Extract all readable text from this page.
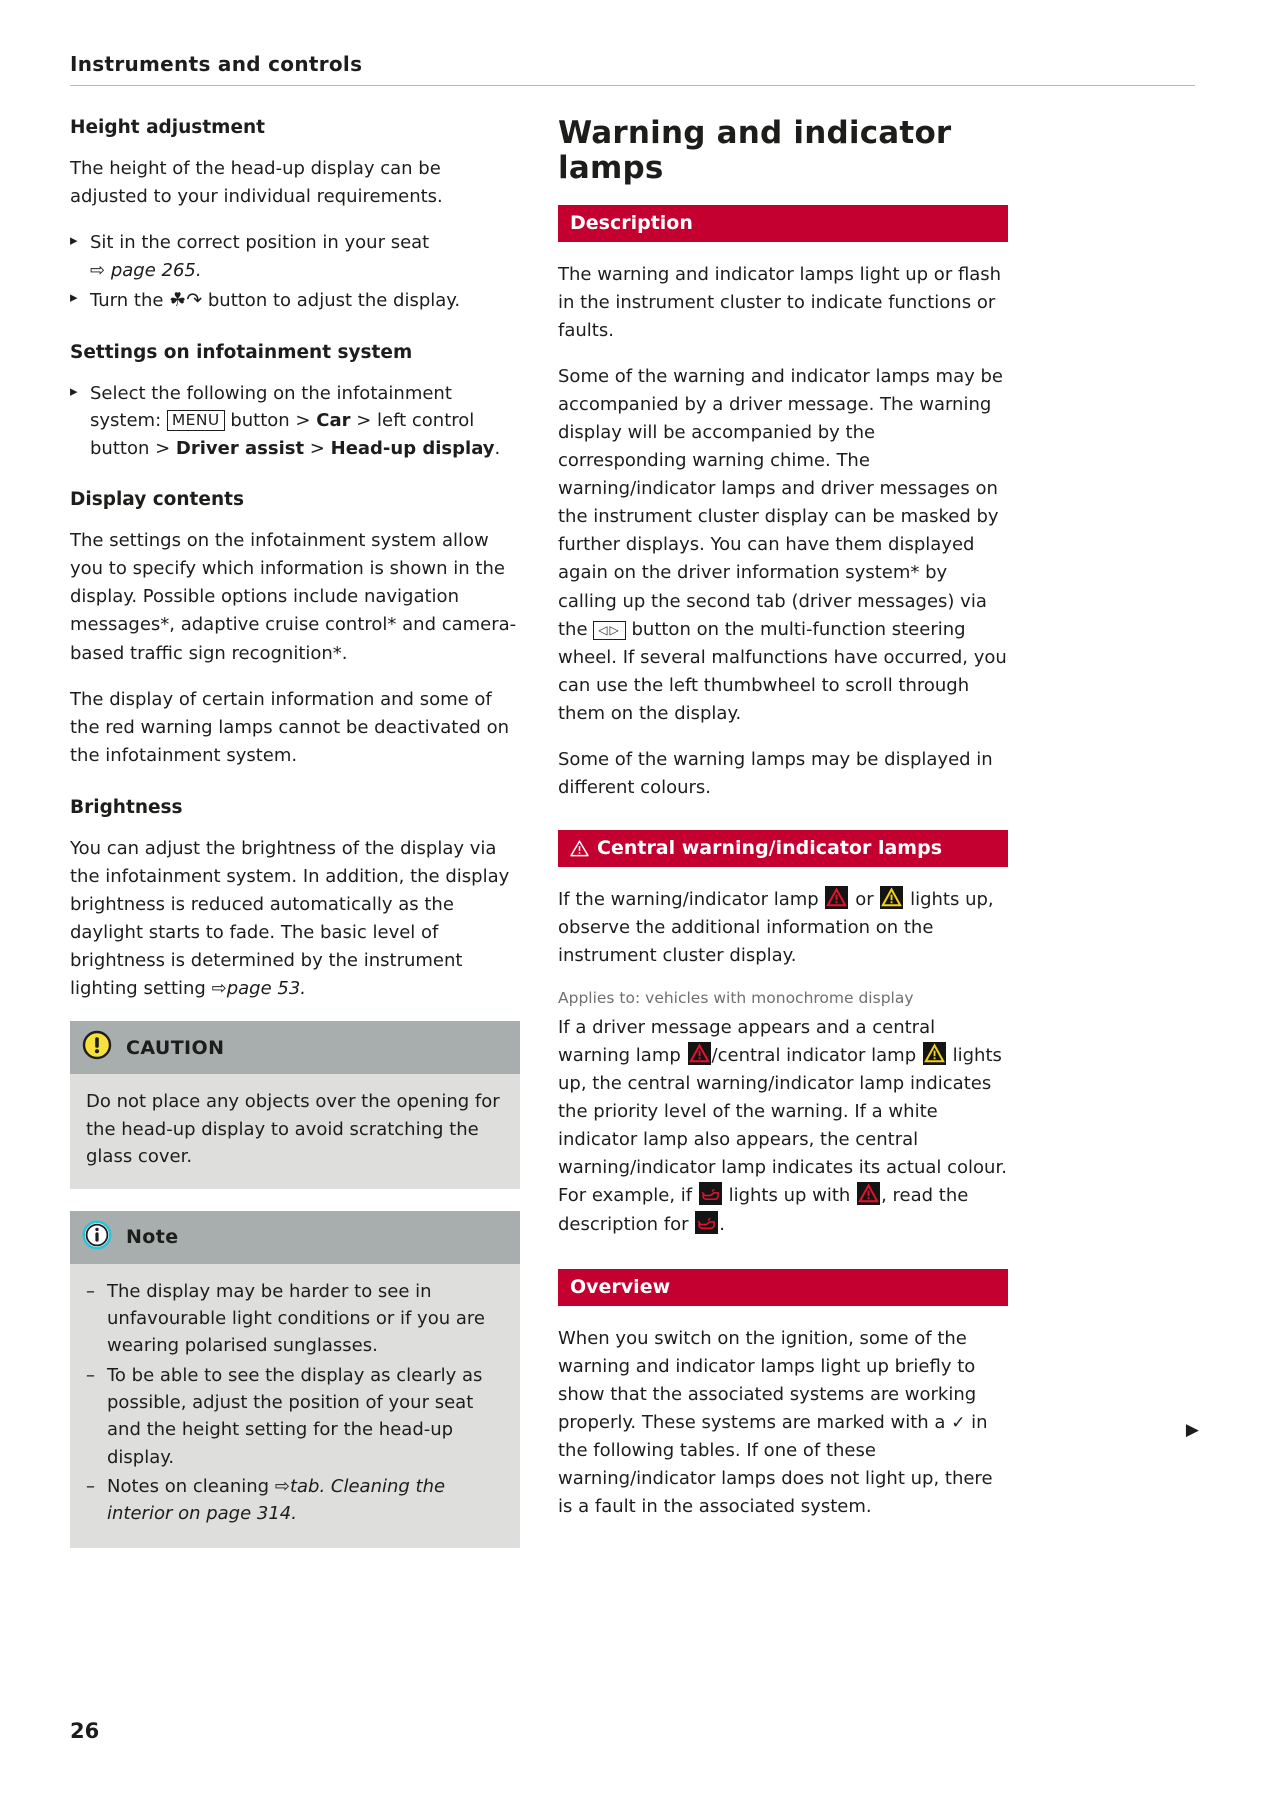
Instruments and controls
Height adjustment

The height of the head-up display can be adjusted to your individual requirements.

▸ Sit in the correct position in your seat
⇨ page 265.
▸ Turn the ☘↷ button to adjust the display.
Settings on infotainment system
▸ Select the following on the infotainment system: MENU button > Car > left control button > Driver assist > Head-up display.
Display contents

The settings on the infotainment system allow you to specify which information is shown in the display. Possible options include navigation messages*, adaptive cruise control* and camera-based traffic sign recognition*.

The display of certain information and some of the red warning lamps cannot be deactivated on the infotainment system.

Brightness

You can adjust the brightness of the display via the infotainment system. In addition, the display brightness is reduced automatically as the daylight starts to fade. The basic level of brightness is determined by the instrument lighting setting ⇨page 53.

CAUTION

Do not place any objects over the opening for the head-up display to avoid scratching the glass cover.

Note
– The display may be harder to see in unfavourable light conditions or if you are wearing polarised sunglasses.
– To be able to see the display as clearly as possible, adjust the position of your seat and the height setting for the head-up display.
– Notes on cleaning ⇨tab. Cleaning the interior on page 314.
Warning and indicator lamps
Description

The warning and indicator lamps light up or flash in the instrument cluster to indicate functions or faults.

Some of the warning and indicator lamps may be accompanied by a driver message. The warning display will be accompanied by the corresponding warning chime. The warning/indicator lamps and driver messages on the instrument cluster display can be masked by further displays. You can have them displayed again on the driver information system* by calling up the second tab (driver messages) via the ◁▷ button on the multi-function steering wheel. If several malfunctions have occurred, you can use the left thumbwheel to scroll through them on the display.

Some of the warning lamps may be displayed in different colours.

Central warning/indicator lamps

If the warning/indicator lamp or lights up, observe the additional information on the instrument cluster display.

Applies to: vehicles with monochrome display

If a driver message appears and a central warning lamp /central indicator lamp lights up, the central warning/indicator lamp indicates the priority level of the warning. If a white indicator lamp also appears, the central warning/indicator lamp indicates its actual colour. For example, if lights up with , read the description for .

Overview

When you switch on the ignition, some of the warning and indicator lamps light up briefly to show that the associated systems are working properly. These systems are marked with a ✓ in the following tables. If one of these warning/indicator lamps does not light up, there is a fault in the associated system.

▶
26
